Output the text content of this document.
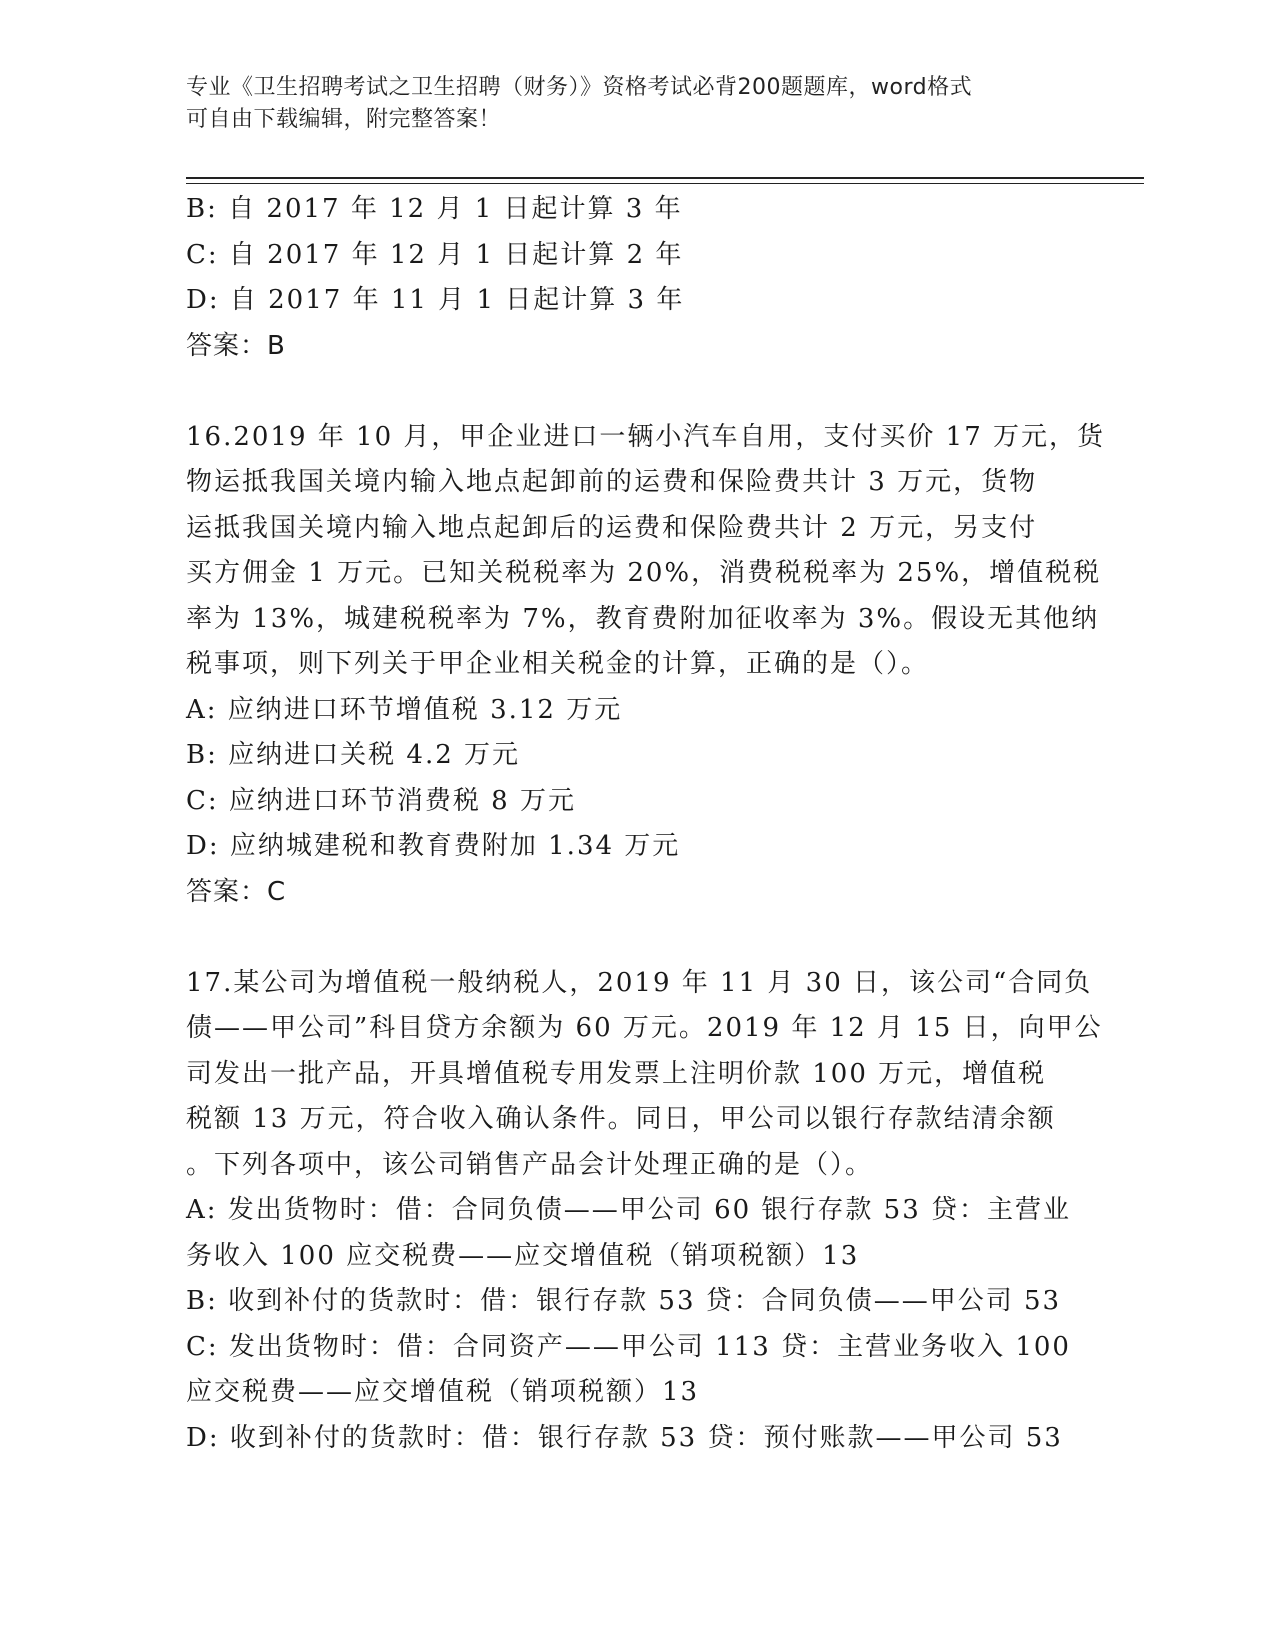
专业《卫生招聘考试之卫生招聘（财务）》资格考试必背200题题库，word格式
可自由下载编辑，附完整答案！
B: 自 2017 年 12 月 1 日起计算 3 年
C: 自 2017 年 12 月 1 日起计算 2 年
D: 自 2017 年 11 月 1 日起计算 3 年
答案：B
16.2019 年 10 月，甲企业进口一辆小汽车自用，支付买价 17 万元，货
物运抵我国关境内输入地点起卸前的运费和保险费共计 3 万元，货物
运抵我国关境内输入地点起卸后的运费和保险费共计 2 万元，另支付
买方佣金 1 万元。已知关税税率为 20%，消费税税率为 25%，增值税税
率为 13%，城建税税率为 7%，教育费附加征收率为 3%。假设无其他纳
税事项，则下列关于甲企业相关税金的计算，正确的是（）。
A: 应纳进口环节增值税 3.12 万元
B: 应纳进口关税 4.2 万元
C: 应纳进口环节消费税 8 万元
D: 应纳城建税和教育费附加 1.34 万元
答案：C
17.某公司为增值税一般纳税人，2019 年 11 月 30 日，该公司“合同负
债——甲公司”科目贷方余额为 60 万元。2019 年 12 月 15 日，向甲公
司发出一批产品，开具增值税专用发票上注明价款 100 万元，增值税
税额 13 万元，符合收入确认条件。同日，甲公司以银行存款结清余额
。下列各项中，该公司销售产品会计处理正确的是（）。
A: 发出货物时：借：合同负债——甲公司 60 银行存款 53 贷：主营业
务收入 100 应交税费——应交增值税（销项税额）13
B: 收到补付的货款时：借：银行存款 53 贷：合同负债——甲公司 53
C: 发出货物时：借：合同资产——甲公司 113 贷：主营业务收入 100
应交税费——应交增值税（销项税额）13
D: 收到补付的货款时：借：银行存款 53 贷：预付账款——甲公司 53
